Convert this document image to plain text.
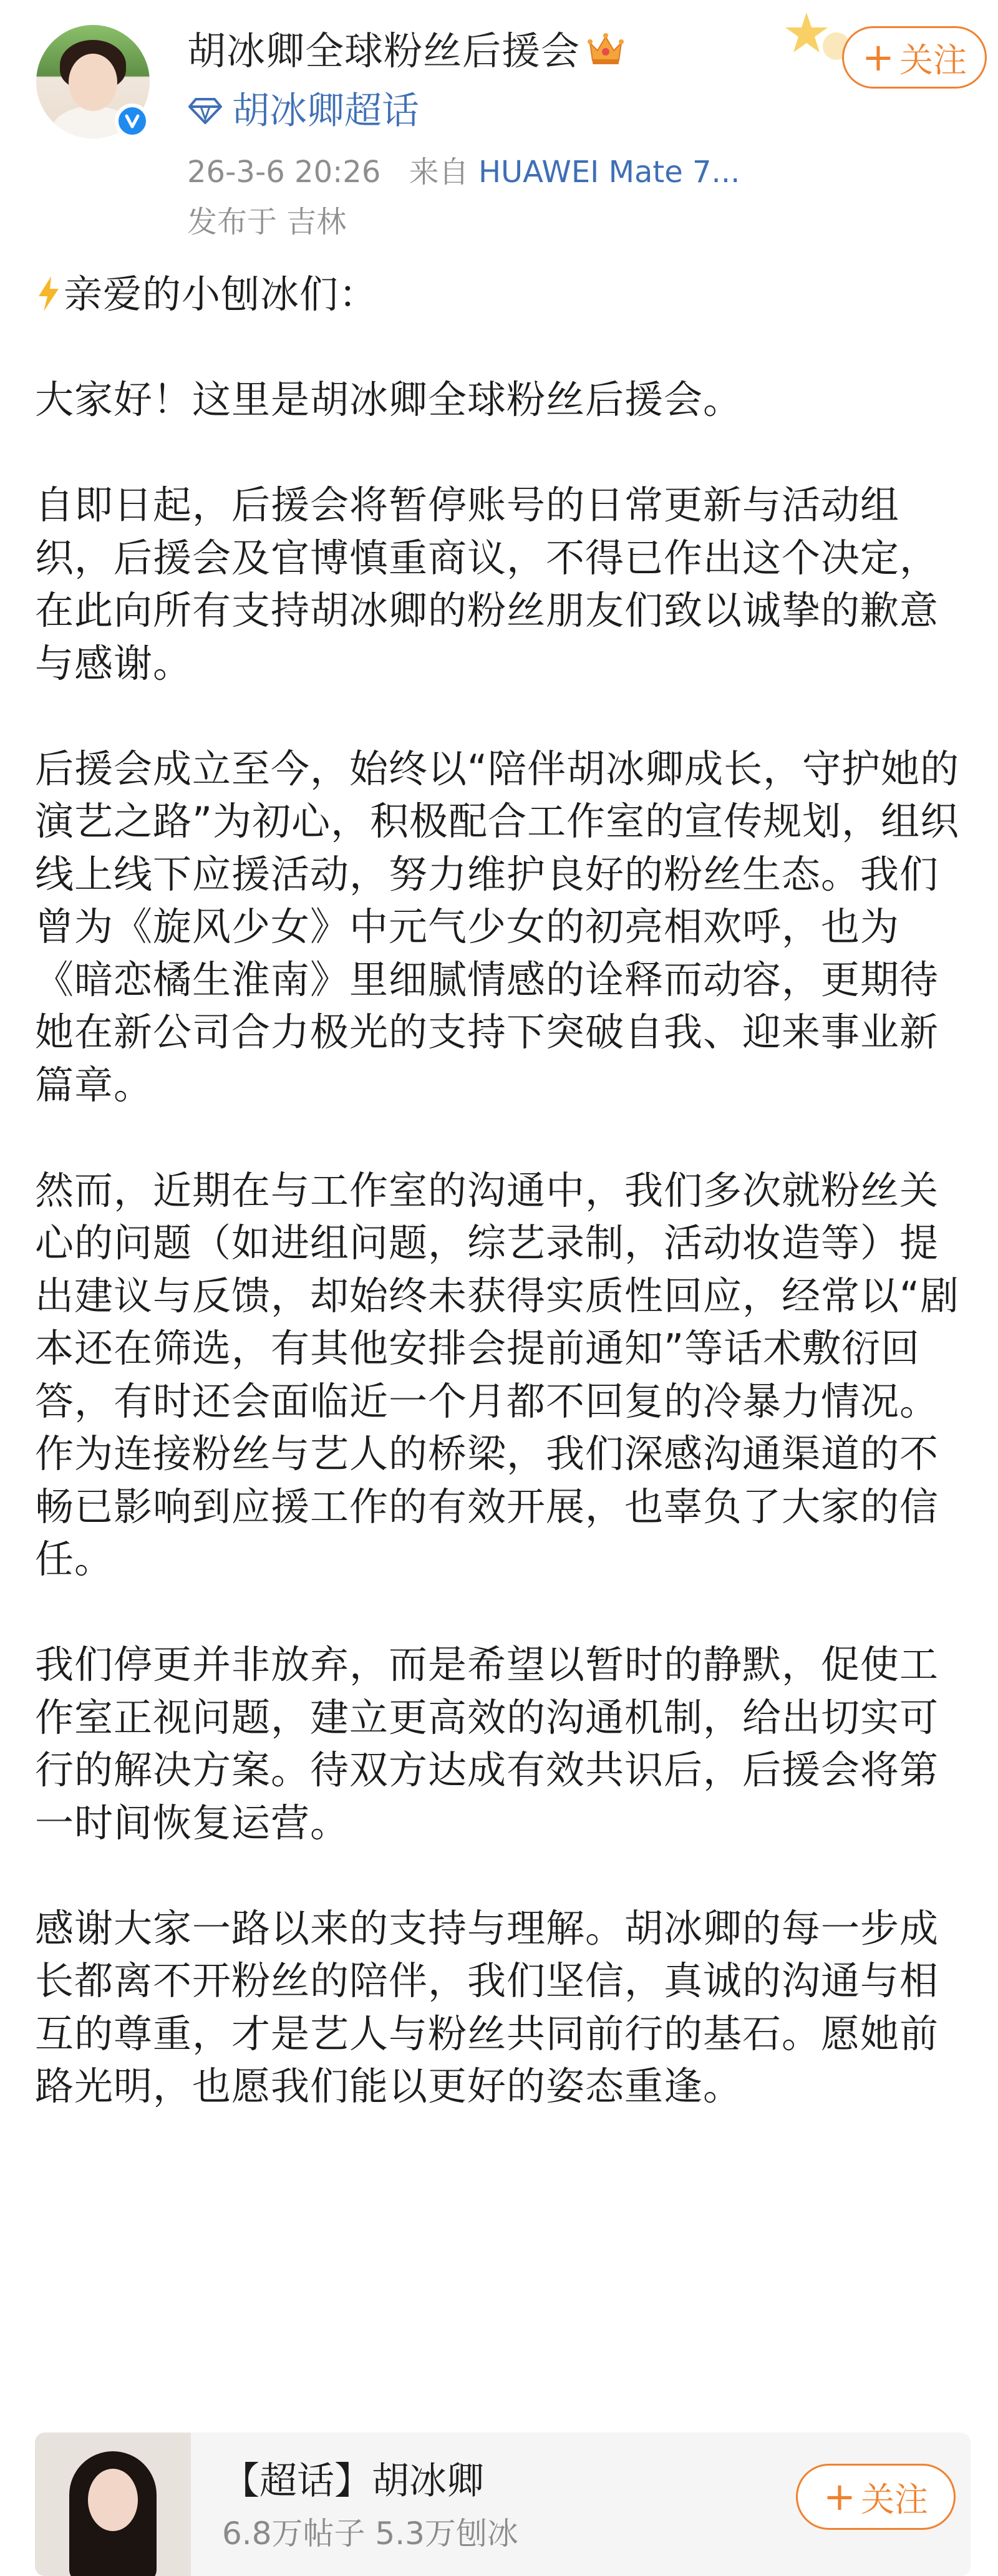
胡冰卿全球粉丝后援会
胡冰卿超话
26-3-6 20:26 来自 HUAWEI Mate 7...
发布于 吉林
+ 关注

亲爱的小刨冰们：

大家好！这里是胡冰卿全球粉丝后援会。

自即日起，后援会将暂停账号的日常更新与活动组织，后援会及官博慎重商议，不得已作出这个决定，在此向所有支持胡冰卿的粉丝朋友们致以诚挚的歉意与感谢。

后援会成立至今，始终以“陪伴胡冰卿成长，守护她的演艺之路”为初心，积极配合工作室的宣传规划，组织线上线下应援活动，努力维护良好的粉丝生态。我们曾为《旋风少女》中元气少女的初亮相欢呼，也为《暗恋橘生淮南》里细腻情感的诠释而动容，更期待她在新公司合力极光的支持下突破自我、迎来事业新篇章。

然而，近期在与工作室的沟通中，我们多次就粉丝关心的问题（如进组问题，综艺录制，活动妆造等）提出建议与反馈，却始终未获得实质性回应，经常以“剧本还在筛选，有其他安排会提前通知”等话术敷衍回答，有时还会面临近一个月都不回复的冷暴力情况。作为连接粉丝与艺人的桥梁，我们深感沟通渠道的不畅已影响到应援工作的有效开展，也辜负了大家的信任。

我们停更并非放弃，而是希望以暂时的静默，促使工作室正视问题，建立更高效的沟通机制，给出切实可行的解决方案。待双方达成有效共识后，后援会将第一时间恢复运营。

感谢大家一路以来的支持与理解。胡冰卿的每一步成长都离不开粉丝的陪伴，我们坚信，真诚的沟通与相互的尊重，才是艺人与粉丝共同前行的基石。愿她前路光明，也愿我们能以更好的姿态重逢。

【超话】胡冰卿
6.8万帖子 5.3万刨冰
+ 关注
